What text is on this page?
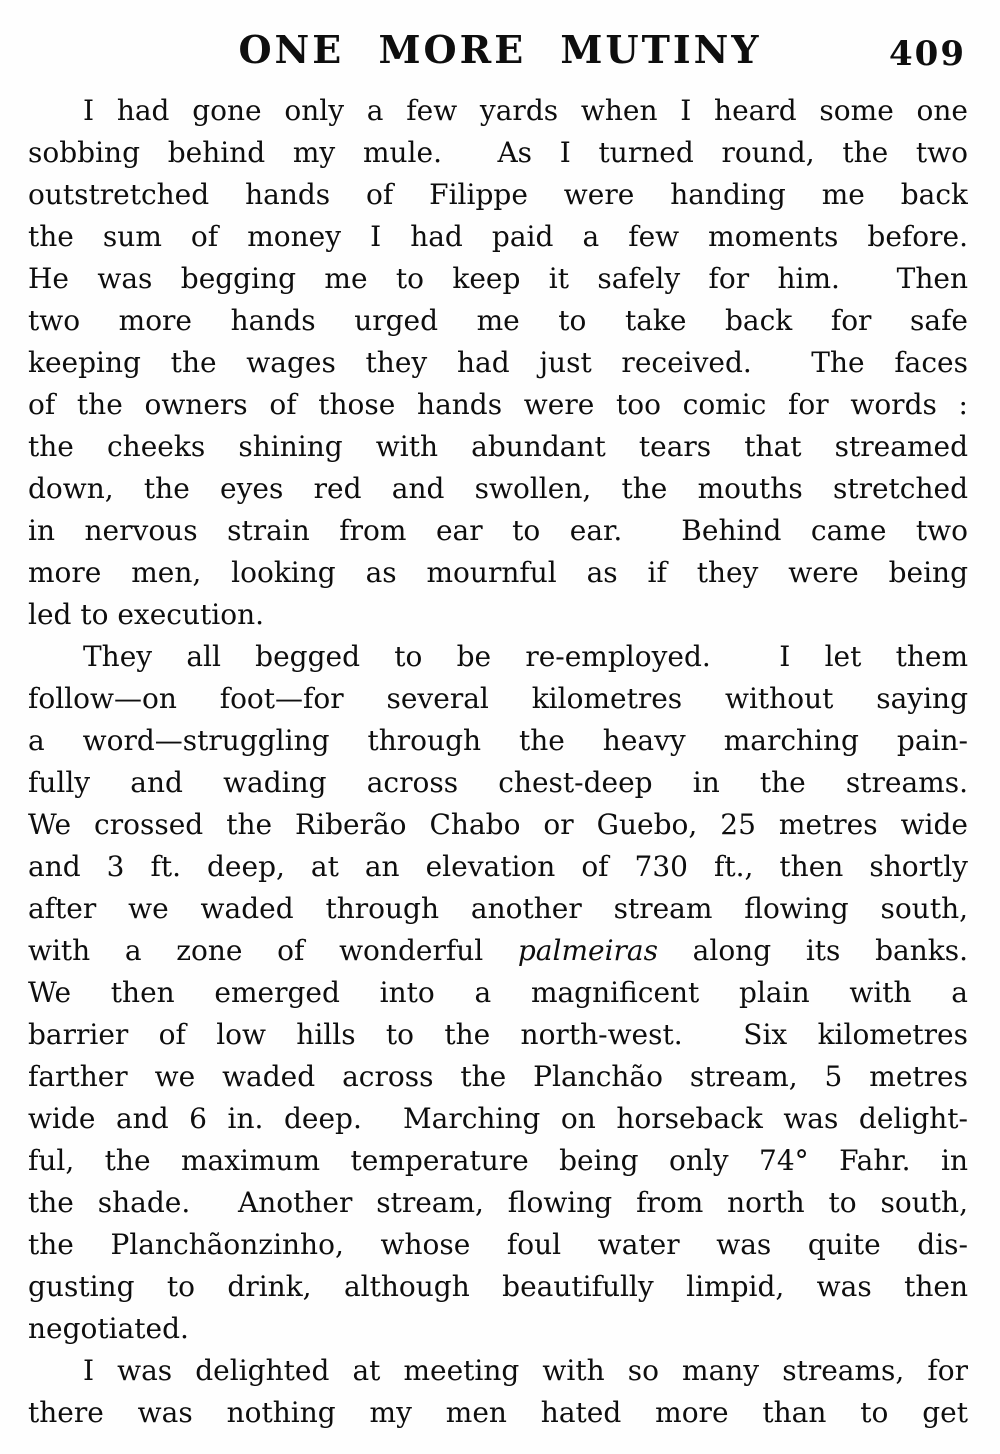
ONE MORE MUTINY	409
I had gone only a few yards when I heard some one
sobbing behind my mule.  As I turned round, the two
outstretched hands of Filippe were handing me back
the sum of money I had paid a few moments before.
He was begging me to keep it safely for him.  Then
two more hands urged me to take back for safe
keeping the wages they had just received.  The faces
of the owners of those hands were too comic for words :
the cheeks shining with abundant tears that streamed
down, the eyes red and swollen, the mouths stretched
in nervous strain from ear to ear.  Behind came two
more men, looking as mournful as if they were being
led to execution.
They all begged to be re-employed.  I let them
follow—on foot—for several kilometres without saying
a word—struggling through the heavy marching pain-
fully and wading across chest-deep in the streams.
We crossed the Riberão Chabo or Guebo, 25 metres wide
and 3 ft. deep, at an elevation of 730 ft., then shortly
after we waded through another stream flowing south,
with a zone of wonderful palmeiras along its banks.
We then emerged into a magnificent plain with a
barrier of low hills to the north-west.  Six kilometres
farther we waded across the Planchão stream, 5 metres
wide and 6 in. deep.  Marching on horseback was delight-
ful, the maximum temperature being only 74° Fahr. in
the shade.  Another stream, flowing from north to south,
the Planchãonzinho, whose foul water was quite dis-
gusting to drink, although beautifully limpid, was then
negotiated.
I was delighted at meeting with so many streams, for
there was nothing my men hated more than to get
